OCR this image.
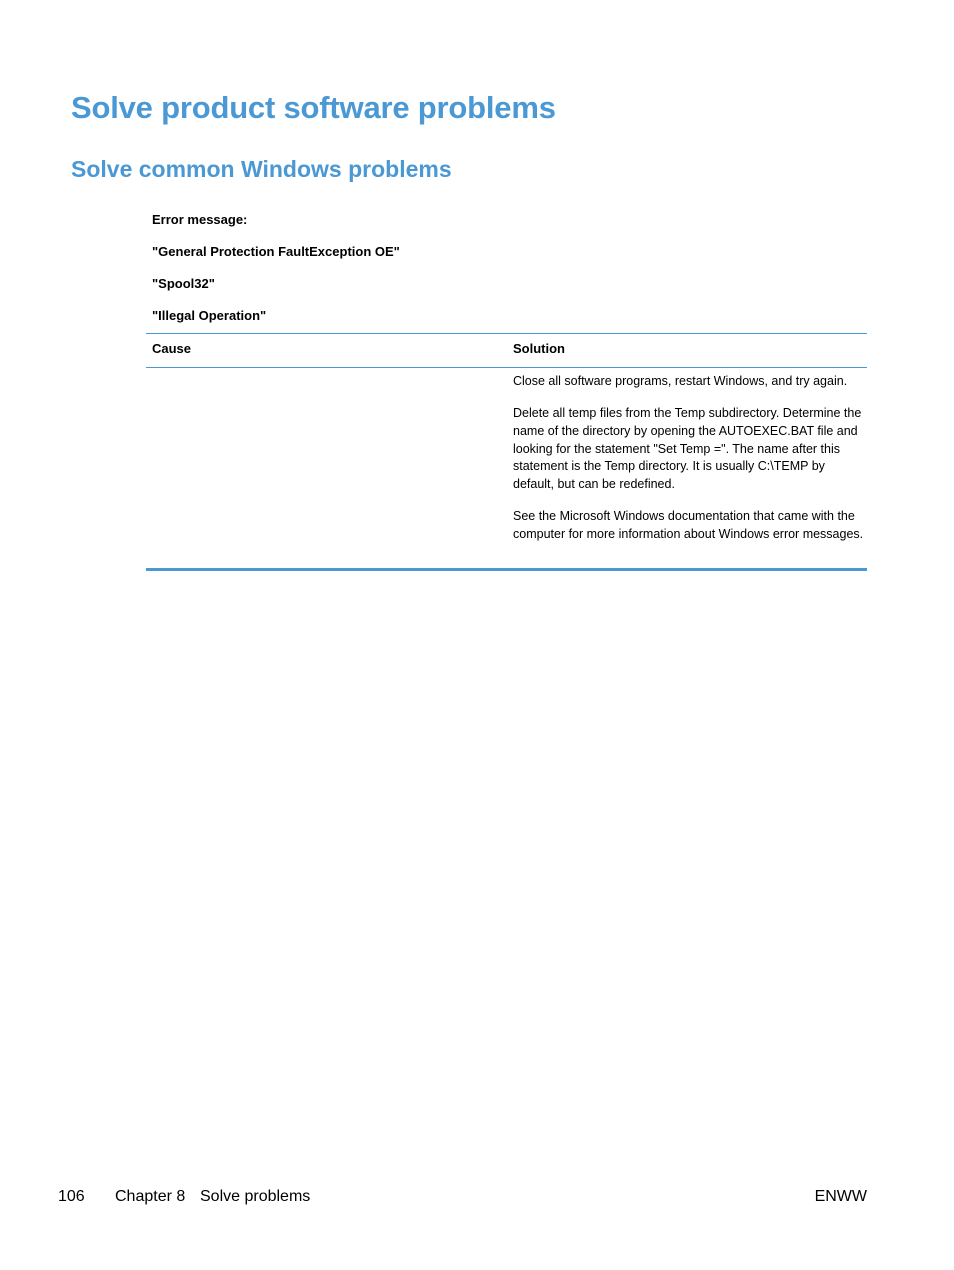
Solve product software problems
Solve common Windows problems
Error message:
"General Protection FaultException OE"
"Spool32"
"Illegal Operation"
Cause	Solution

Close all software programs, restart Windows, and try again.

Delete all temp files from the Temp subdirectory. Determine the name of the directory by opening the AUTOEXEC.BAT file and looking for the statement "Set Temp =". The name after this statement is the Temp directory. It is usually C:\TEMP by default, but can be redefined.

See the Microsoft Windows documentation that came with the computer for more information about Windows error messages.

106 Chapter 8 Solve problems	ENWW
